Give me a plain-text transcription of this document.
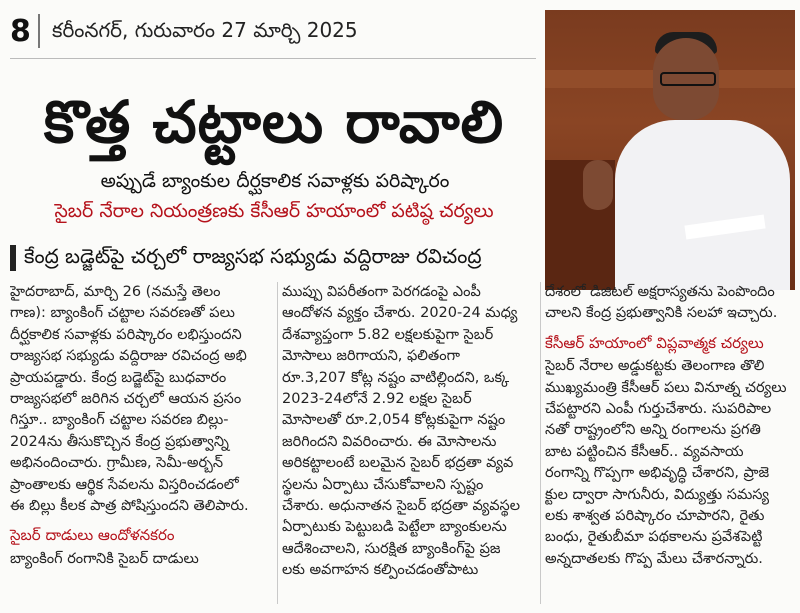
8 కరీంనగర్, గురువారం 27 మార్చి 2025
కొత్త చట్టాలు రావాలి
అప్పుడే బ్యాంకుల దీర్ఘకాలిక సవాళ్లకు పరిష్కారం
సైబర్ నేరాల నియంత్రణకు కేసీఆర్ హయాంలో పటిష్ఠ చర్యలు
కేంద్ర బడ్జెట్‌పై చర్చలో రాజ్యసభ సభ్యుడు వద్దిరాజు రవిచంద్ర

హైదరాబాద్, మార్చి 26 (నమస్తే తెలం

గాణ): బ్యాంకింగ్ చట్టాల సవరణతో పలు

దీర్ఘకాలిక సవాళ్లకు పరిష్కారం లభిస్తుందని

రాజ్యసభ సభ్యుడు వద్దిరాజు రవిచంద్ర అభి

ప్రాయపడ్డారు. కేంద్ర బడ్జెట్‌పై బుధవారం

రాజ్యసభలో జరిగిన చర్చలో ఆయన ప్రసం

గిస్తూ.. బ్యాంకింగ్ చట్టాల సవరణ బిల్లు-

2024ను తీసుకొచ్చిన కేంద్ర ప్రభుత్వాన్ని

అభినందించారు. గ్రామీణ, సెమీ-అర్బన్

ప్రాంతాలకు ఆర్థిక సేవలను విస్తరించడంలో

ఈ బిల్లు కీలక పాత్ర పోషిస్తుందని తెలిపారు.

సైబర్ దాడులు ఆందోళనకరం

బ్యాంకింగ్ రంగానికి సైబర్ దాడులు

ముప్పు విపరీతంగా పెరగడంపై ఎంపీ

ఆందోళన వ్యక్తం చేశారు. 2020-24 మధ్య

దేశవ్యాప్తంగా 5.82 లక్షలకుపైగా సైబర్

మోసాలు జరిగాయని, ఫలితంగా

రూ.3,207 కోట్ల నష్టం వాటిల్లిందని, ఒక్క

2023-24లోనే 2.92 లక్షల సైబర్

మోసాలతో రూ.2,054 కోట్లకుపైగా నష్టం

జరిగిందని వివరించారు. ఈ మోసాలను

అరికట్టాలంటే బలమైన సైబర్ భద్రతా వ్యవ

స్థలను ఏర్పాటు చేసుకోవాలని స్పష్టం

చేశారు. అధునాతన సైబర్ భద్రతా వ్యవస్థల

ఏర్పాటుకు పెట్టుబడి పెట్టేలా బ్యాంకులను

ఆదేశించాలని, సురక్షిత బ్యాంకింగ్‌పై ప్రజ

లకు అవగాహన కల్పించడంతోపాటు

దేశంలో డిజిటల్ అక్షరాస్యతను పెంపొందిం

చాలని కేంద్ర ప్రభుత్వానికి సలహా ఇచ్చారు.

కేసీఆర్ హయాంలో విప్లవాత్మక చర్యలు

సైబర్ నేరాల అడ్డుకట్టకు తెలంగాణ తొలి

ముఖ్యమంత్రి కేసీఆర్ పలు వినూత్న చర్యలు

చేపట్టారని ఎంపీ గుర్తుచేశారు. సుపరిపాల

నతో రాష్ట్రంలోని అన్ని రంగాలను ప్రగతి

బాట పట్టించిన కేసీఆర్.. వ్యవసాయ

రంగాన్ని గొప్పగా అభివృద్ధి చేశారని, ప్రాజె

క్టుల ద్వారా సాగునీరు, విద్యుత్తు సమస్య

లకు శాశ్వత పరిష్కారం చూపారని, రైతు

బంధు, రైతుబీమా పథకాలను ప్రవేశపెట్టి

అన్నదాతలకు గొప్ప మేలు చేశారన్నారు.
